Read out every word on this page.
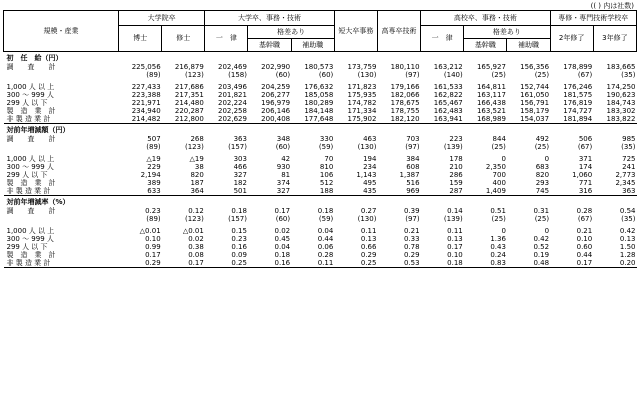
(( ) 内は社数)
規模・産業	大学院卒		大学卒、事務・技術			短大卒事務	高専卒技術	高校卒、事務・技術			専修・専門技術学校卒	
	博士	修士	一　律	格差あり				一　律	格差あり		2年修了	3年修了
				基幹職	補助職				基幹職	補助職		
初　任　給（円）												
調　　査　　計	225,056	216,879	202,469	202,990	180,573	173,759	180,110	163,212	165,927	156,356	178,899	183,665
	(89)	(123)	(158)	(60)	(60)	(130)	(97)	(140)	(25)	(25)	(67)	(35)

1,000 人 以 上	227,433	217,686	203,496	204,259	176,632	171,823	179,166	161,533	164,811	152,744	176,246	174,250
300 ～ 999 人	223,388	217,351	201,821	206,277	185,058	175,935	182,066	162,822	163,117	161,050	181,575	190,623
299 人 以 下	221,971	214,480	202,224	196,979	180,289	174,782	178,675	165,467	166,438	156,791	176,819	184,743
製　造　業　計	234,940	220,287	202,258	206,146	184,148	171,334	178,755	162,483	163,521	158,179	174,727	183,302
非 製 造 業 計	214,482	212,800	202,629	200,408	177,648	175,902	182,120	163,941	168,989	154,037	181,894	183,822
対前年増減額（円）												
調　　査　　計	507	268	363	348	330	463	703	223	844	492	506	985
	(89)	(123)	(157)	(60)	(59)	(130)	(97)	(139)	(25)	(25)	(67)	(35)

1,000 人 以 上	△19	△19	303	42	70	194	384	178	0	0	371	725
300 ～ 999 人	229	38	466	930	810	234	608	210	2,350	683	174	241
299 人 以 下	2,194	820	327	81	106	1,143	1,387	286	700	820	1,060	2,773
製　造　業　計	389	187	182	374	512	495	516	159	400	293	771	2,345
非 製 造 業 計	633	364	501	327	188	435	969	287	1,409	745	316	363
対前年増減率（%）												
調　　査　　計	0.23	0.12	0.18	0.17	0.18	0.27	0.39	0.14	0.51	0.31	0.28	0.54
	(89)	(123)	(157)	(60)	(59)	(130)	(97)	(139)	(25)	(25)	(67)	(35)

1,000 人 以 上	△0.01	△0.01	0.15	0.02	0.04	0.11	0.21	0.11	0	0	0.21	0.42
300 ～ 999 人	0.10	0.02	0.23	0.45	0.44	0.13	0.33	0.13	1.36	0.42	0.10	0.13
299 人 以 下	0.99	0.38	0.16	0.04	0.06	0.66	0.78	0.17	0.43	0.52	0.60	1.50
製　造　業　計	0.17	0.08	0.09	0.18	0.28	0.29	0.29	0.10	0.24	0.19	0.44	1.28
非 製 造 業 計	0.29	0.17	0.25	0.16	0.11	0.25	0.53	0.18	0.83	0.48	0.17	0.20
